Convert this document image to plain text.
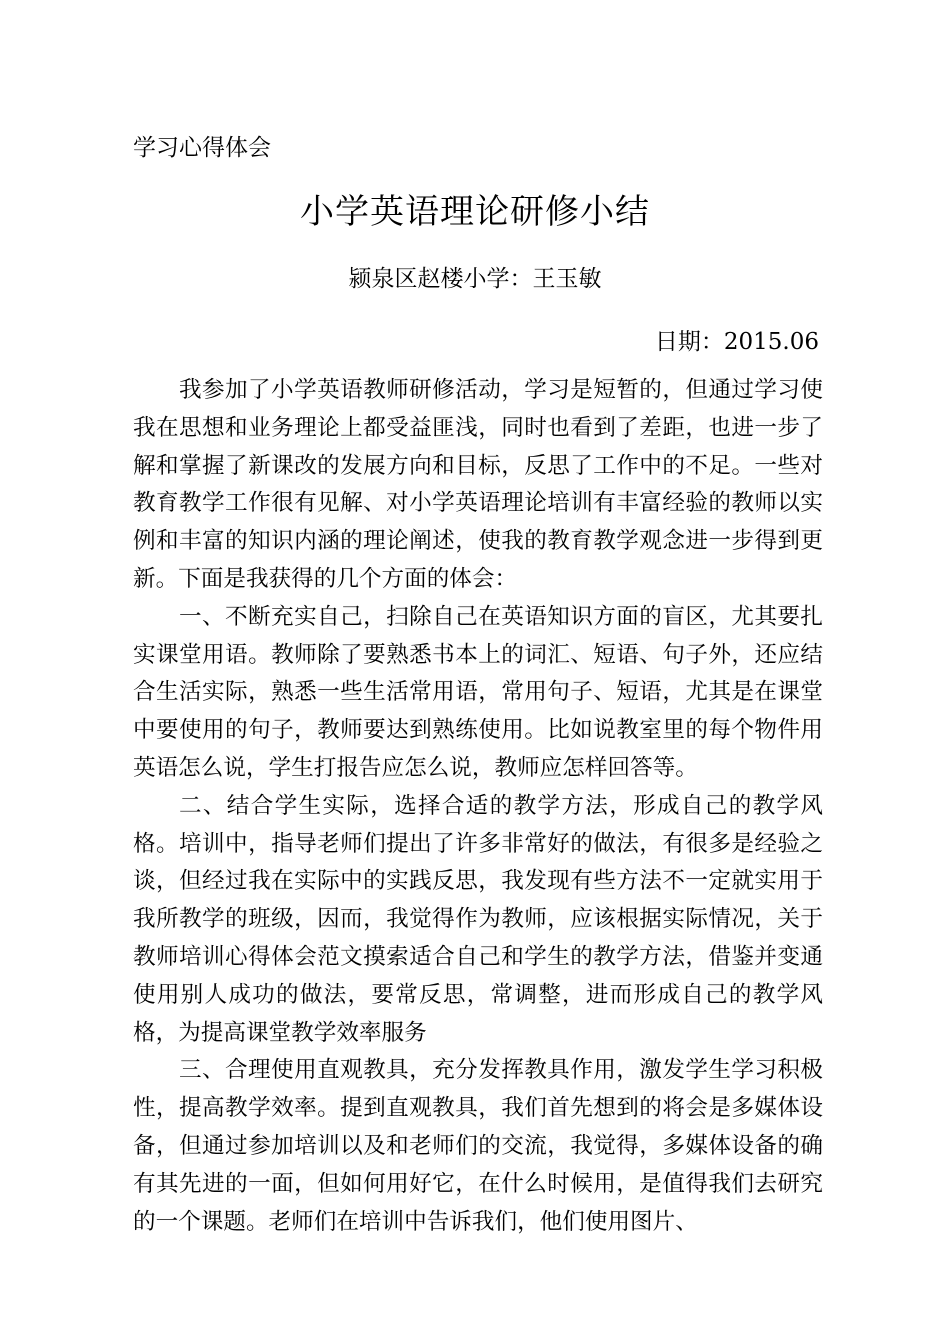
学习心得体会
小学英语理论研修小结
颍泉区赵楼小学：王玉敏
日期：2015.06

我参加了小学英语教师研修活动，学习是短暂的，但通过学习使我在思想和业务理论上都受益匪浅，同时也看到了差距，也进一步了解和掌握了新课改的发展方向和目标，反思了工作中的不足。一些对教育教学工作很有见解、对小学英语理论培训有丰富经验的教师以实例和丰富的知识内涵的理论阐述，使我的教育教学观念进一步得到更新。下面是我获得的几个方面的体会：

一、不断充实自己，扫除自己在英语知识方面的盲区，尤其要扎实课堂用语。教师除了要熟悉书本上的词汇、短语、句子外，还应结合生活实际，熟悉一些生活常用语，常用句子、短语，尤其是在课堂中要使用的句子，教师要达到熟练使用。比如说教室里的每个物件用英语怎么说，学生打报告应怎么说，教师应怎样回答等。

二、结合学生实际，选择合适的教学方法，形成自己的教学风格。培训中，指导老师们提出了许多非常好的做法，有很多是经验之谈，但经过我在实际中的实践反思，我发现有些方法不一定就实用于我所教学的班级，因而，我觉得作为教师，应该根据实际情况，关于教师培训心得体会范文摸索适合自己和学生的教学方法，借鉴并变通使用别人成功的做法，要常反思，常调整，进而形成自己的教学风格，为提高课堂教学效率服务

三、合理使用直观教具，充分发挥教具作用，激发学生学习积极性，提高教学效率。提到直观教具，我们首先想到的将会是多媒体设备，但通过参加培训以及和老师们的交流，我觉得，多媒体设备的确有其先进的一面，但如何用好它，在什么时候用，是值得我们去研究的一个课题。老师们在培训中告诉我们，他们使用图片、
